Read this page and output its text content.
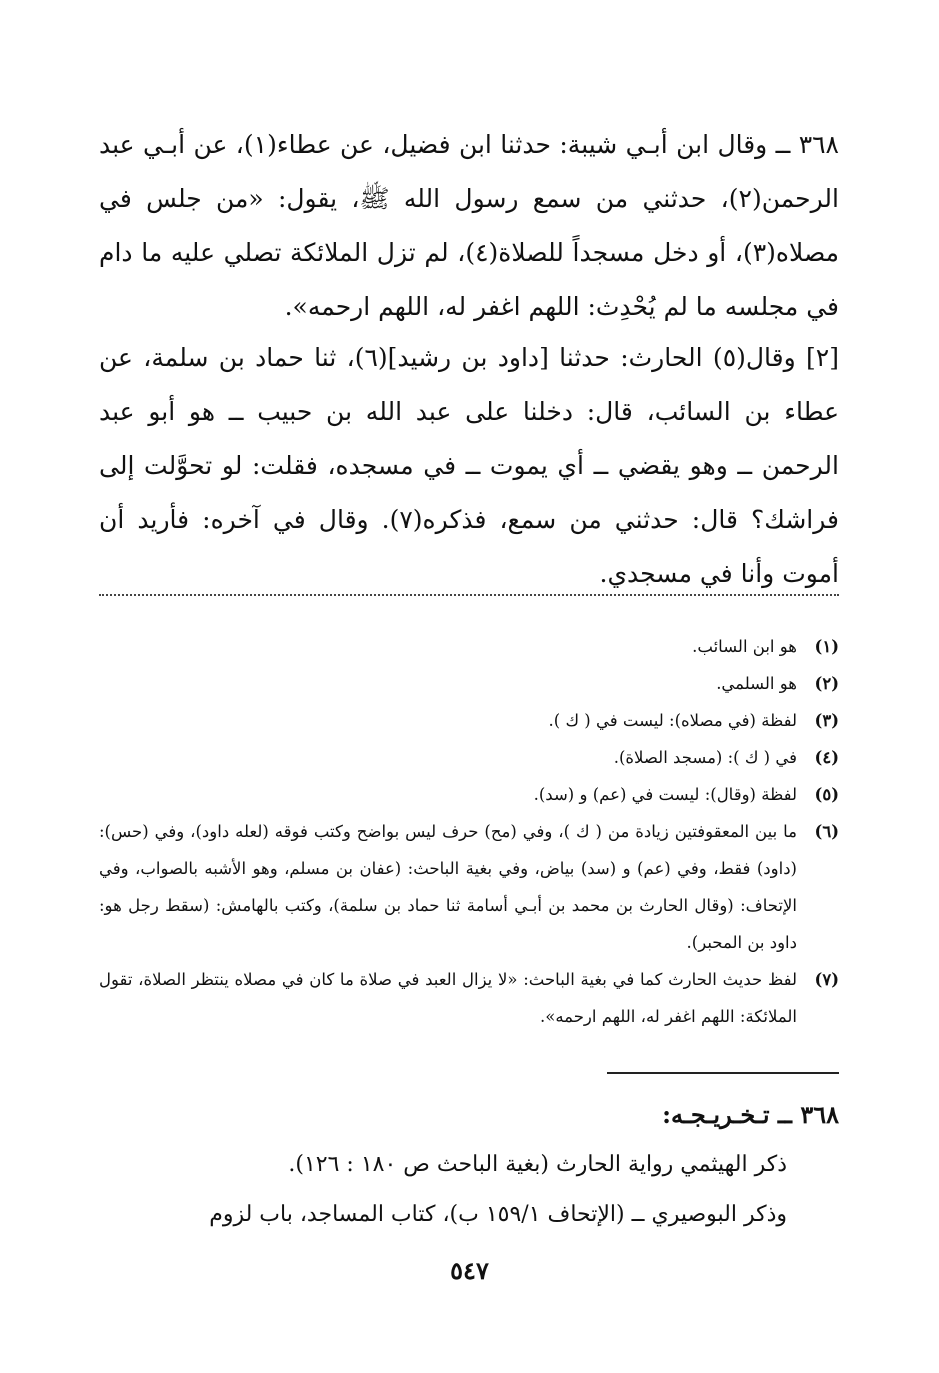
٣٦٨ ــ وقال ابن أبـي شيبة: حدثنا ابن فضيل، عن عطاء(١)، عن أبـي عبد الرحمن(٢)، حدثني من سمع رسول الله ﷺ، يقول: «من جلس في مصلاه(٣)، أو دخل مسجداً للصلاة(٤)، لم تزل الملائكة تصلي عليه ما دام في مجلسه ما لم يُحْدِث: اللهم اغفر له، اللهم ارحمه».

[٢] وقال(٥) الحارث: حدثنا [داود بن رشيد](٦)، ثنا حماد بن سلمة، عن عطاء بن السائب، قال: دخلنا على عبد الله بن حبيب ــ هو أبو عبد الرحمن ــ وهو يقضي ــ أي يموت ــ في مسجده، فقلت: لو تحوَّلت إلى فراشك؟ قال: حدثني من سمع، فذكره(٧). وقال في آخره: فأريد أن أموت وأنا في مسجدي.

(١)
هو ابن السائب.
(٢)
هو السلمي.
(٣)
لفظة (في مصلاه): ليست في ( ك ).
(٤)
في ( ك ): (مسجد الصلاة).
(٥)
لفظة (وقال): ليست في (عم) و (سد).
(٦)
ما بين المعقوفتين زيادة من ( ك )، وفي (مح) حرف ليس بواضح وكتب فوقه (لعله داود)، وفي (حس): (داود) فقط، وفي (عم) و (سد) بياض، وفي بغية الباحث: (عفان بن مسلم، وهو الأشبه بالصواب، وفي الإتحاف: (وقال الحارث بن محمد بن أبـي أسامة ثنا حماد بن سلمة)، وكتب بالهامش: (سقط رجل هو: داود بن المحبر).
(٧)
لفظ حديث الحارث كما في بغية الباحث: «لا يزال العبد في صلاة ما كان في مصلاه ينتظر الصلاة، تقول الملائكة: اللهم اغفر له، اللهم ارحمه».

٣٦٨ ــ تـخـريـجـه:

ذكر الهيثمي رواية الحارث (بغية الباحث ص ١٨٠ : ١٢٦).

وذكر البوصيري ــ (الإتحاف ١٥٩/١ ب)، كتاب المساجد، باب لزوم

٥٤٧
